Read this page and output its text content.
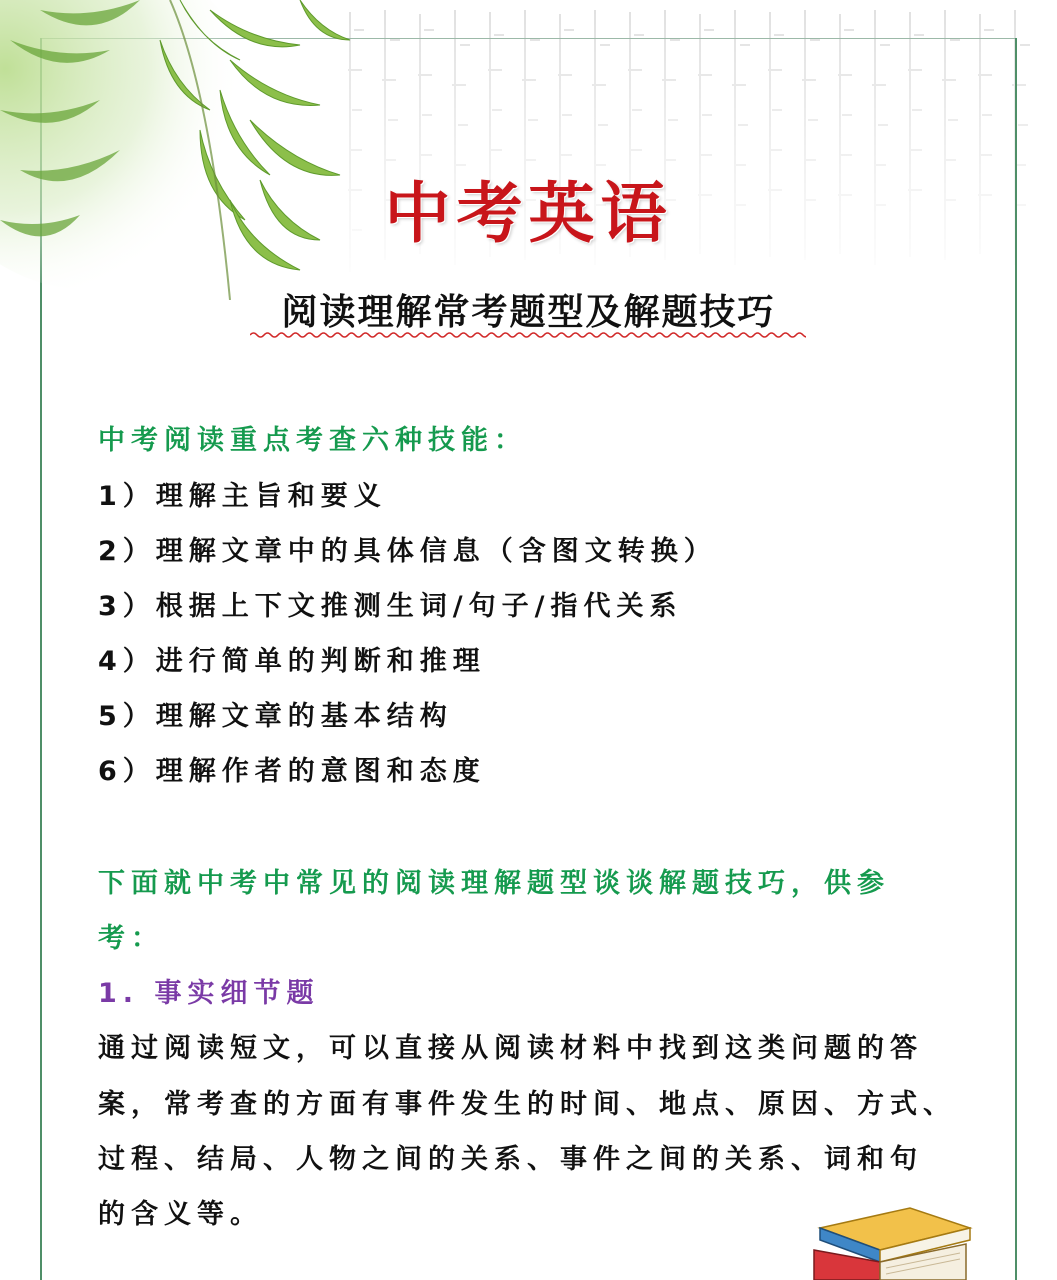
中考英语
阅读理解常考题型及解题技巧
中考阅读重点考查六种技能：
1）理解主旨和要义
2）理解文章中的具体信息（含图文转换）
3）根据上下文推测生词/句子/指代关系
4）进行简单的判断和推理
5）理解文章的基本结构
6）理解作者的意图和态度
下面就中考中常见的阅读理解题型谈谈解题技巧，供参
考：
1. 事实细节题
通过阅读短文，可以直接从阅读材料中找到这类问题的答
案，常考查的方面有事件发生的时间、地点、原因、方式、
过程、结局、人物之间的关系、事件之间的关系、词和句
的含义等。
